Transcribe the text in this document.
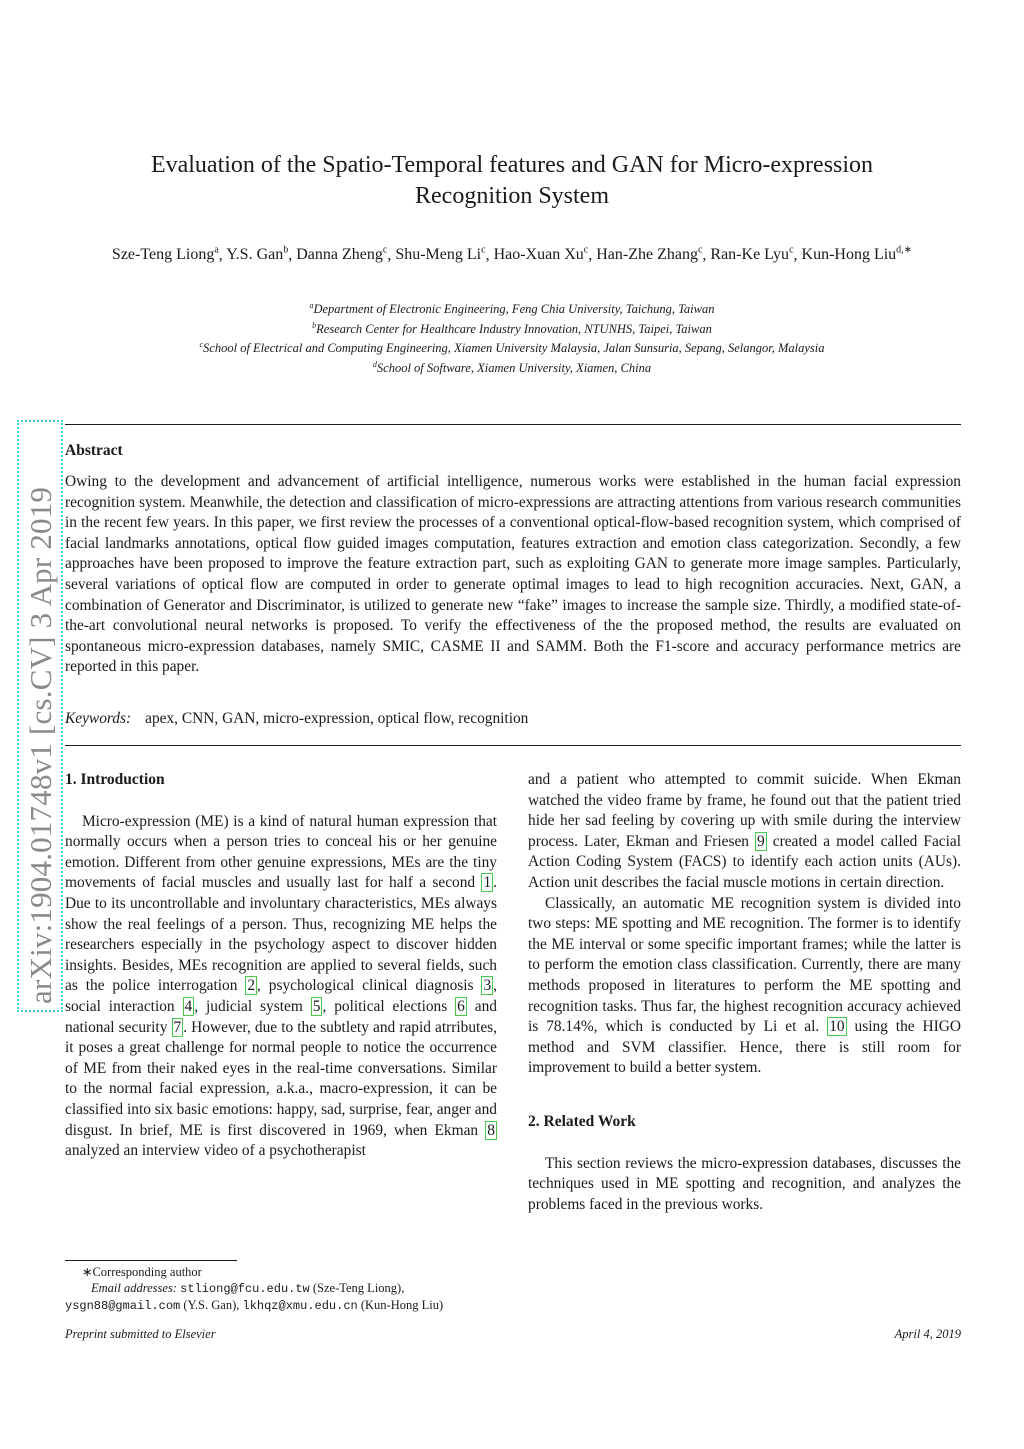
arXiv:1904.01748v1 [cs.CV] 3 Apr 2019
Evaluation of the Spatio-Temporal features and GAN for Micro-expression
Recognition System
Sze-Teng Liong$^a$, Y.S. Gan$^b$, Danna Zheng$^c$, Shu-Meng Li$^c$, Hao-Xuan Xu$^c$, Han-Zhe Zhang$^c$, Ran-Ke Lyu$^c$, Kun-Hong Liu$^{d,∗}$
$^a$Department of Electronic Engineering, Feng Chia University, Taichung, Taiwan
$^b$Research Center for Healthcare Industry Innovation, NTUNHS, Taipei, Taiwan
$^c$School of Electrical and Computing Engineering, Xiamen University Malaysia, Jalan Sunsuria, Sepang, Selangor, Malaysia
$^d$School of Software, Xiamen University, Xiamen, China
Abstract
Owing to the development and advancement of artificial intelligence, numerous works were established in the human facial expression recognition system. Meanwhile, the detection and classification of micro-expressions are attracting attentions from various research communities in the recent few years. In this paper, we first review the processes of a conventional optical-flow-based recognition system, which comprised of facial landmarks annotations, optical flow guided images computation, features extraction and emotion class categorization. Secondly, a few approaches have been proposed to improve the feature extraction part, such as exploiting GAN to generate more image samples. Particularly, several variations of optical flow are computed in order to generate optimal images to lead to high recognition accuracies. Next, GAN, a combination of Generator and Discriminator, is utilized to generate new “fake” images to increase the sample size. Thirdly, a modified state-of-the-art convolutional neural networks is proposed. To verify the effectiveness of the the proposed method, the results are evaluated on spontaneous micro-expression databases, namely SMIC, CASME II and SAMM. Both the F1-score and accuracy performance metrics are reported in this paper.
Keywords: apex, CNN, GAN, micro-expression, optical flow, recognition
1. Introduction

Micro-expression (ME) is a kind of natural human expression that normally occurs when a person tries to conceal his or her genuine emotion. Different from other genuine expressions, MEs are the tiny movements of facial muscles and usually last for half a second 1 . Due to its uncontrollable and involuntary characteristics, MEs always show the real feelings of a person. Thus, recognizing ME helps the researchers especially in the psychology aspect to discover hidden insights. Besides, MEs recognition are applied to several fields, such as the police interrogation 2 , psychological clinical diagnosis 3 , social interaction 4 , judicial system 5 , political elections 6 and national security 7 . However, due to the subtlety and rapid atrributes, it poses a great challenge for normal people to notice the occurrence of ME from their naked eyes in the real-time conversations. Similar to the normal facial expression, a.k.a., macro-expression, it can be classified into six basic emotions: happy, sad, surprise, fear, anger and disgust. In brief, ME is first discovered in 1969, when Ekman 8 analyzed an interview video of a psychotherapist

and a patient who attempted to commit suicide. When Ekman watched the video frame by frame, he found out that the patient tried hide her sad feeling by covering up with smile during the interview process. Later, Ekman and Friesen 9 created a model called Facial Action Coding System (FACS) to identify each action units (AUs). Action unit describes the facial muscle motions in certain direction.

Classically, an automatic ME recognition system is divided into two steps: ME spotting and ME recognition. The former is to identify the ME interval or some specific important frames; while the latter is to perform the emotion class classification. Currently, there are many methods proposed in literatures to perform the ME spotting and recognition tasks. Thus far, the highest recognition accuracy achieved is 78.14%, which is conducted by Li et al. 10 using the HIGO method and SVM classifier. Hence, there is still room for improvement to build a better system.

2. Related Work

This section reviews the micro-expression databases, discusses the techniques used in ME spotting and recognition, and analyzes the problems faced in the previous works.

∗Corresponding author
Email addresses: stliong@fcu.edu.tw (Sze-Teng Liong),
ysgn88@gmail.com (Y.S. Gan), lkhqz@xmu.edu.cn (Kun-Hong Liu)
Preprint submitted to Elsevier	April 4, 2019
